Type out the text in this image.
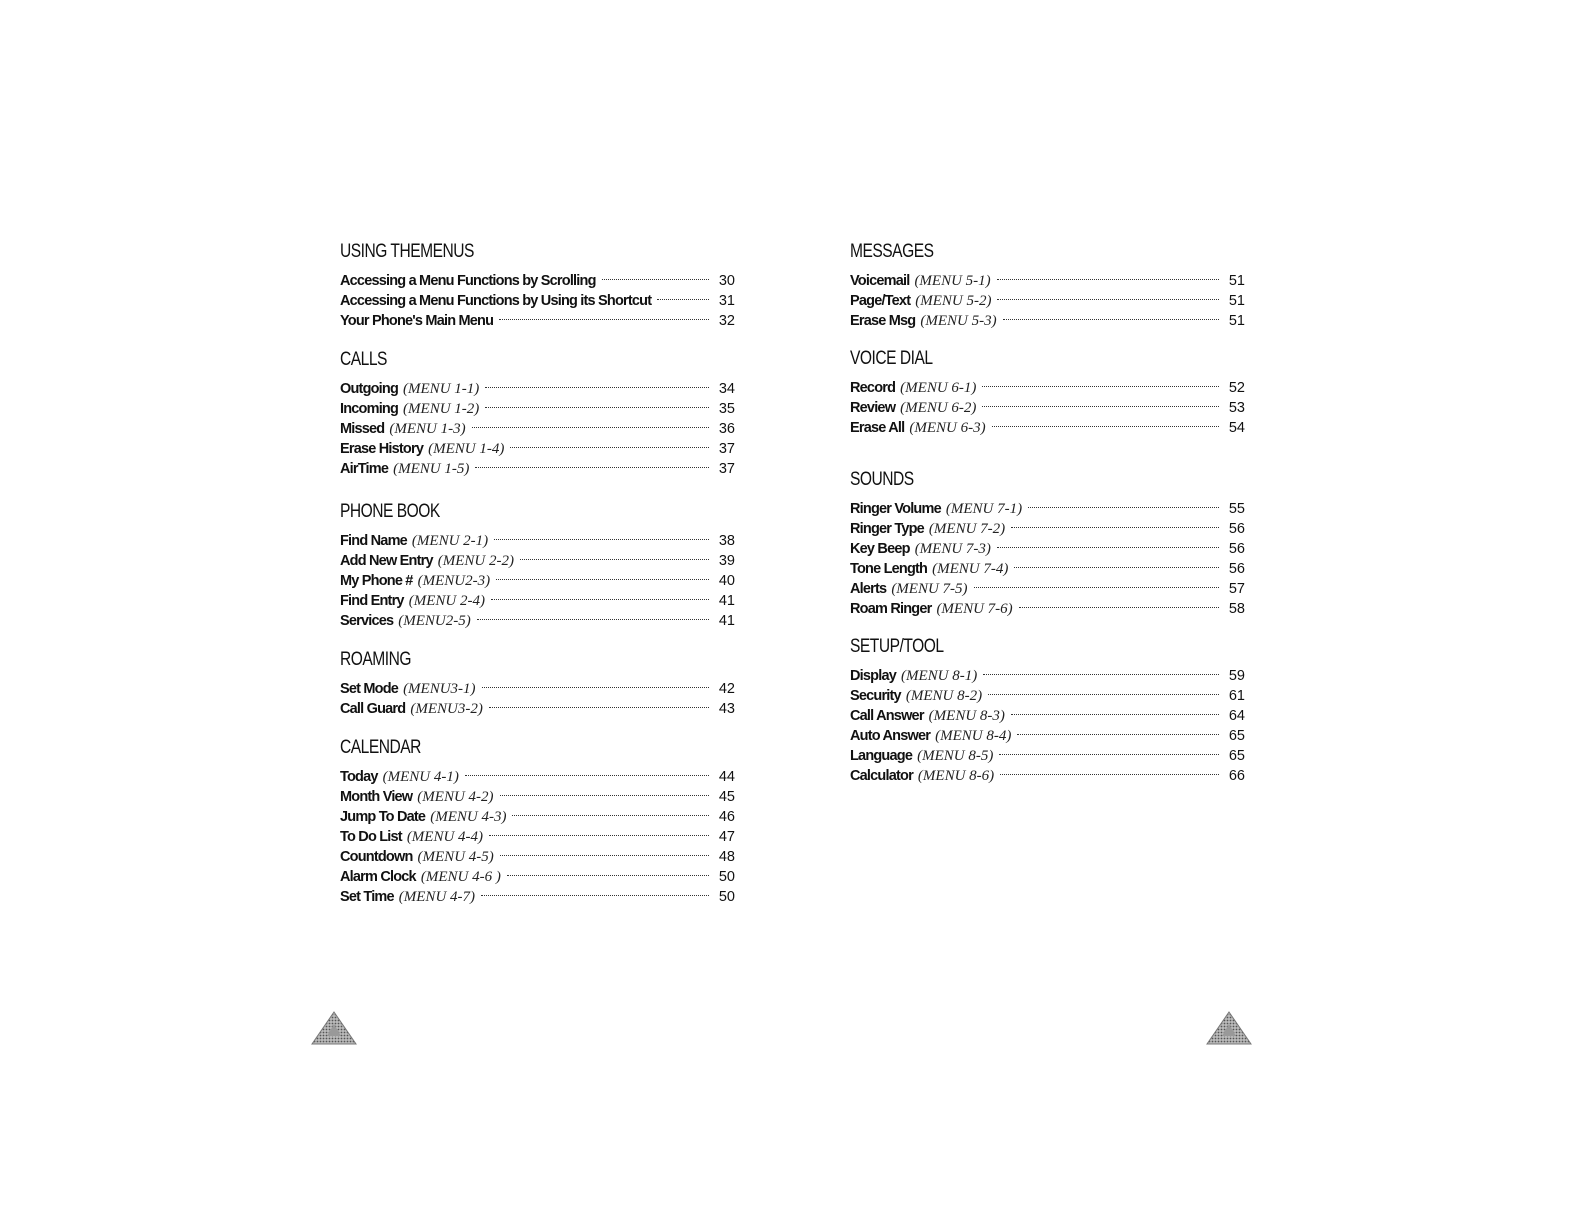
USING THEMENUS
Accessing a Menu Functions by Scrolling	30
Accessing a Menu Functions by Using its Shortcut	31
Your Phone's Main Menu	32
CALLS
Outgoing (MENU 1-1)	34
Incoming (MENU 1-2)	35
Missed (MENU 1-3)	36
Erase History (MENU 1-4)	37
AirTime (MENU 1-5)	37
PHONE BOOK
Find Name (MENU 2-1)	38
Add New Entry (MENU 2-2)	39
My Phone # (MENU2-3)	40
Find Entry (MENU 2-4)	41
Services (MENU2-5)	41
ROAMING
Set Mode (MENU3-1)	42
Call Guard (MENU3-2)	43
CALENDAR
Today (MENU 4-1)	44
Month View (MENU 4-2)	45
Jump To Date (MENU 4-3)	46
To Do List (MENU 4-4)	47
Countdown (MENU 4-5)	48
Alarm Clock (MENU 4-6 )	50
Set Time (MENU 4-7)	50
MESSAGES
Voicemail (MENU 5-1)	51
Page/Text (MENU 5-2)	51
Erase Msg (MENU 5-3)	51
VOICE DIAL
Record (MENU 6-1)	52
Review (MENU 6-2)	53
Erase All (MENU 6-3)	54
SOUNDS
Ringer Volume (MENU 7-1)	55
Ringer Type (MENU 7-2)	56
Key Beep (MENU 7-3)	56
Tone Length (MENU 7-4)	56
Alerts (MENU 7-5)	57
Roam Ringer (MENU 7-6)	58
SETUP/TOOL
Display (MENU 8-1)	59
Security (MENU 8-2)	61
Call Answer (MENU 8-3)	64
Auto Answer (MENU 8-4)	65
Language (MENU 8-5)	65
Calculator (MENU 8-6)	66
